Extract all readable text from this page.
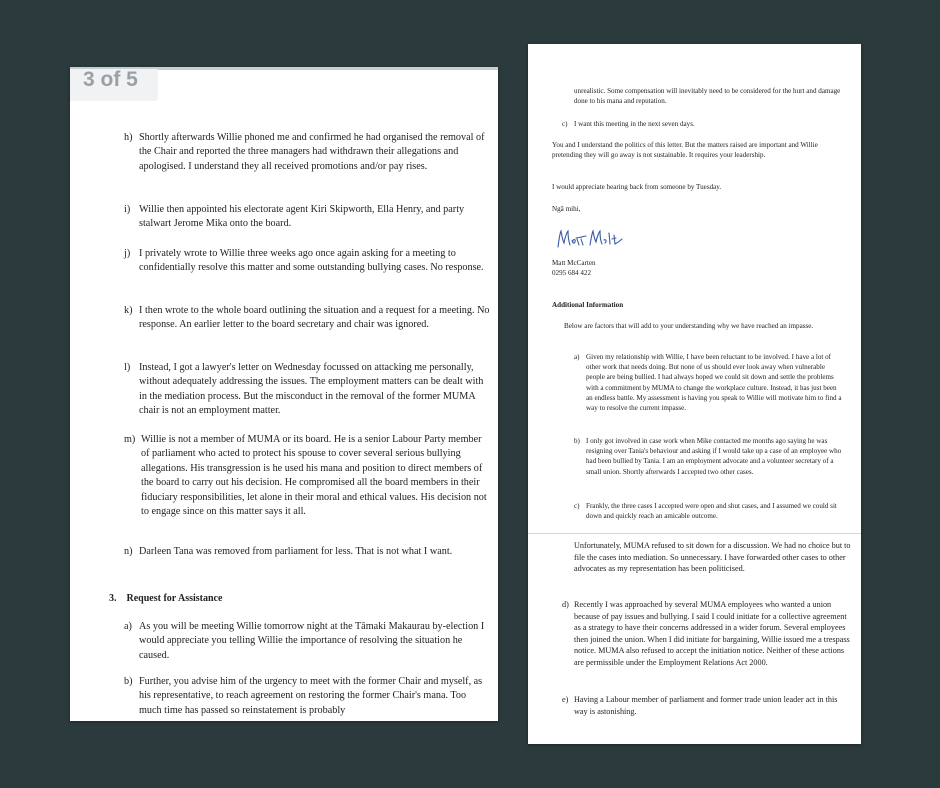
3 of 5
h) Shortly afterwards Willie phoned me and confirmed he had organised the removal of the Chair and reported the three managers had withdrawn their allegations and apologised. I understand they all received promotions and/or pay rises.
i) Willie then appointed his electorate agent Kiri Skipworth, Ella Henry, and party stalwart Jerome Mika onto the board.
j) I privately wrote to Willie three weeks ago once again asking for a meeting to confidentially resolve this matter and some outstanding bullying cases. No response.
k) I then wrote to the whole board outlining the situation and a request for a meeting. No response. An earlier letter to the board secretary and chair was ignored.
l) Instead, I got a lawyer's letter on Wednesday focussed on attacking me personally, without adequately addressing the issues. The employment matters can be dealt with in the mediation process. But the misconduct in the removal of the former MUMA chair is not an employment matter.
m) Willie is not a member of MUMA or its board. He is a senior Labour Party member of parliament who acted to protect his spouse to cover several serious bullying allegations. His transgression is he used his mana and position to direct members of the board to carry out his decision. He compromised all the board members in their fiduciary responsibilities, let alone in their moral and ethical values. His decision not to engage since on this matter says it all.
n) Darleen Tana was removed from parliament for less. That is not what I want.
3. Request for Assistance
a) As you will be meeting Willie tomorrow night at the Tāmaki Makaurau by-election I would appreciate you telling Willie the importance of resolving the situation he caused.
b) Further, you advise him of the urgency to meet with the former Chair and myself, as his representative, to reach agreement on restoring the former Chair's mana. Too much time has passed so reinstatement is probably
unrealistic. Some compensation will inevitably need to be considered for the hurt and damage done to his mana and reputation.
c) I want this meeting in the next seven days.
You and I understand the politics of this letter. But the matters raised are important and Willie pretending they will go away is not sustainable. It requires your leadership.
I would appreciate hearing back from someone by Tuesday.
Ngā mihi,
Matt McCarten
0295 684 422
Additional Information
Below are factors that will add to your understanding why we have reached an impasse.
a) Given my relationship with Willie, I have been reluctant to be involved. I have a lot of other work that needs doing. But none of us should ever look away when vulnerable people are being bullied. I had always hoped we could sit down and settle the problems with a commitment by MUMA to change the workplace culture. Instead, it has just been an endless battle. My assessment is having you speak to Willie will motivate him to find a way to resolve the current impasse.
b) I only got involved in case work when Mike contacted me months ago saying he was resigning over Tania's behaviour and asking if I would take up a case of an employee who had been bullied by Tania. I am an employment advocate and a volunteer secretary of a small union. Shortly afterwards I accepted two other cases.
c) Frankly, the three cases I accepted were open and shut cases, and I assumed we could sit down and quickly reach an amicable outcome.
Unfortunately, MUMA refused to sit down for a discussion. We had no choice but to file the cases into mediation. So unnecessary. I have forwarded other cases to other advocates as my representation has been politicised.
d) Recently I was approached by several MUMA employees who wanted a union because of pay issues and bullying. I said I could initiate for a collective agreement as a strategy to have their concerns addressed in a wider forum. Several employees then joined the union. When I did initiate for bargaining, Willie issued me a trespass notice. MUMA also refused to accept the initiation notice. Neither of these actions are permissible under the Employment Relations Act 2000.
e) Having a Labour member of parliament and former trade union leader act in this way is astonishing.
